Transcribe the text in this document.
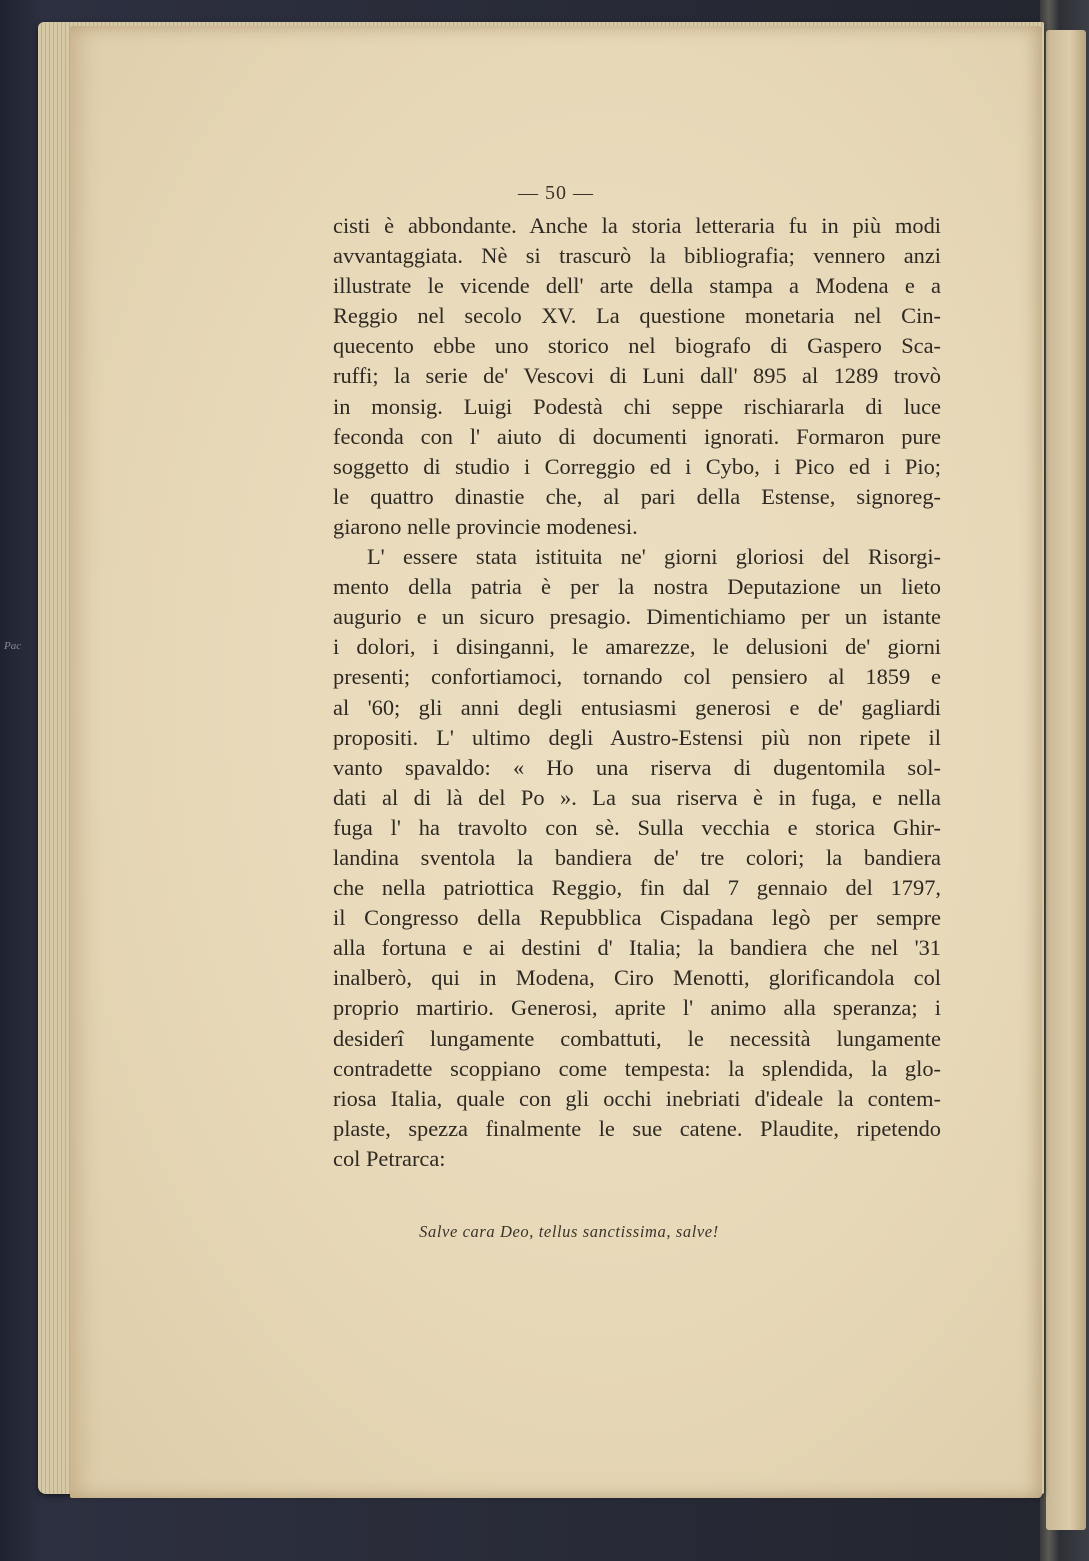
Pac
— 50 —
cisti è abbondante. Anche la storia letteraria fu in più modi
avvantaggiata. Nè si trascurò la bibliografia; vennero anzi
illustrate le vicende dell' arte della stampa a Modena e a
Reggio nel secolo XV. La questione monetaria nel Cin-
quecento ebbe uno storico nel biografo di Gaspero Sca-
ruffi; la serie de' Vescovi di Luni dall' 895 al 1289 trovò
in monsig. Luigi Podestà chi seppe rischiararla di luce
feconda con l' aiuto di documenti ignorati. Formaron pure
soggetto di studio i Correggio ed i Cybo, i Pico ed i Pio;
le quattro dinastie che, al pari della Estense, signoreg-
giarono nelle provincie modenesi.
L' essere stata istituita ne' giorni gloriosi del Risorgi-
mento della patria è per la nostra Deputazione un lieto
augurio e un sicuro presagio. Dimentichiamo per un istante
i dolori, i disinganni, le amarezze, le delusioni de' giorni
presenti; confortiamoci, tornando col pensiero al 1859 e
al '60; gli anni degli entusiasmi generosi e de' gagliardi
propositi. L' ultimo degli Austro-Estensi più non ripete il
vanto spavaldo: « Ho una riserva di dugentomila sol-
dati al di là del Po ». La sua riserva è in fuga, e nella
fuga l' ha travolto con sè. Sulla vecchia e storica Ghir-
landina sventola la bandiera de' tre colori; la bandiera
che nella patriottica Reggio, fin dal 7 gennaio del 1797,
il Congresso della Repubblica Cispadana legò per sempre
alla fortuna e ai destini d' Italia; la bandiera che nel '31
inalberò, qui in Modena, Ciro Menotti, glorificandola col
proprio martirio. Generosi, aprite l' animo alla speranza; i
desiderî lungamente combattuti, le necessità lungamente
contradette scoppiano come tempesta: la splendida, la glo-
riosa Italia, quale con gli occhi inebriati d'ideale la contem-
plaste, spezza finalmente le sue catene. Plaudite, ripetendo
col Petrarca:
Salve cara Deo, tellus sanctissima, salve!
